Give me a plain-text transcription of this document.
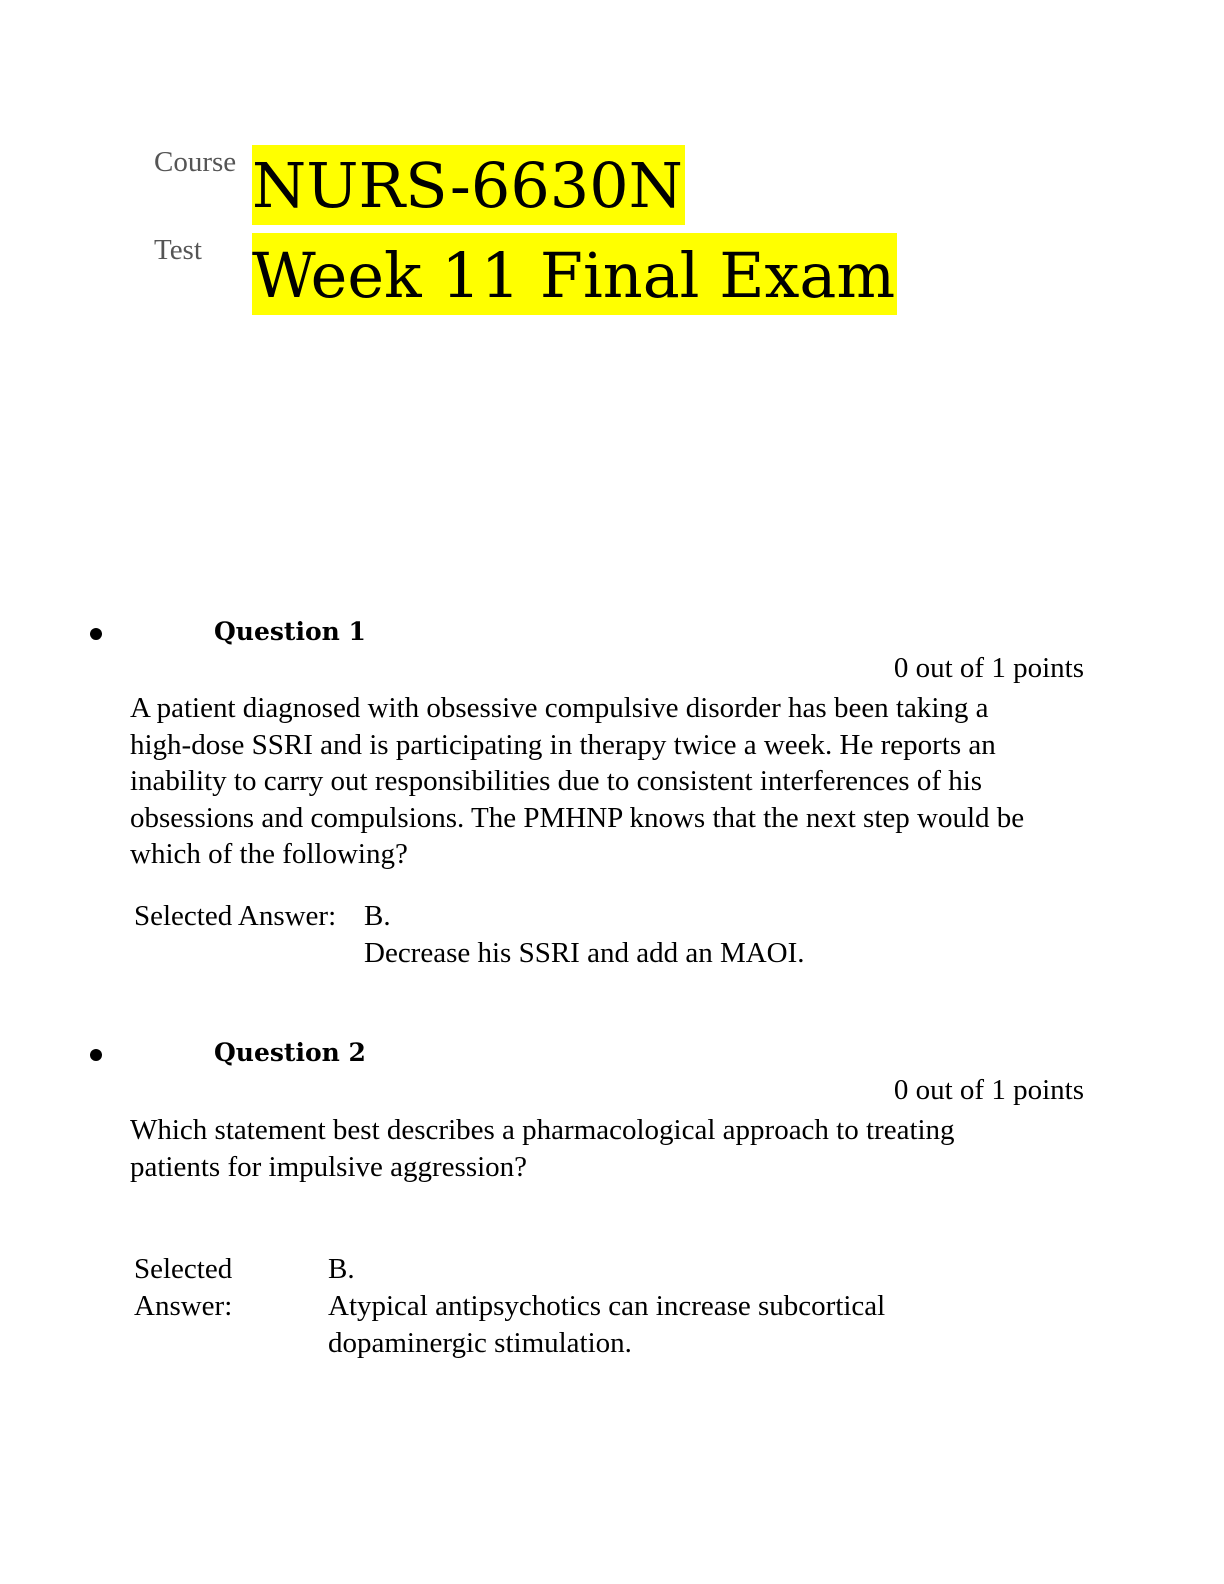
Course NURS-6630N
Test Week 11 Final Exam
Question 1
0 out of 1 points
A patient diagnosed with obsessive compulsive disorder has been taking a high-dose SSRI and is participating in therapy twice a week. He reports an inability to carry out responsibilities due to consistent interferences of his obsessions and compulsions. The PMHNP knows that the next step would be which of the following?
Selected Answer: B.
Decrease his SSRI and add an MAOI.
Question 2
0 out of 1 points
Which statement best describes a pharmacological approach to treating patients for impulsive aggression?
Selected
Answer:
B.
Atypical antipsychotics can increase subcortical dopaminergic stimulation.
